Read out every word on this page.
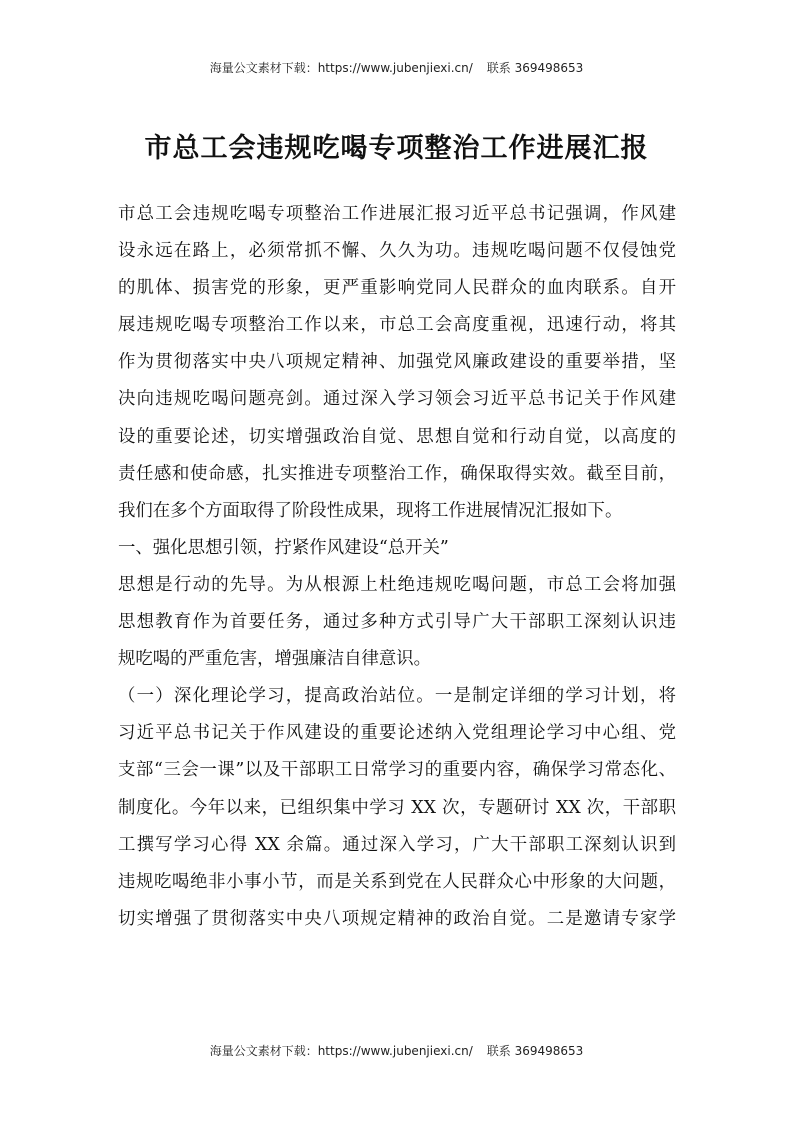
海量公文素材下载：https://www.jubenjiexi.cn/ 联系 369498653
市总工会违规吃喝专项整治工作进展汇报
市总工会违规吃喝专项整治工作进展汇报习近平总书记强调，作风建
设永远在路上，必须常抓不懈、久久为功。违规吃喝问题不仅侵蚀党
的肌体、损害党的形象，更严重影响党同人民群众的血肉联系。自开
展违规吃喝专项整治工作以来，市总工会高度重视，迅速行动，将其
作为贯彻落实中央八项规定精神、加强党风廉政建设的重要举措，坚
决向违规吃喝问题亮剑。通过深入学习领会习近平总书记关于作风建
设的重要论述，切实增强政治自觉、思想自觉和行动自觉，以高度的
责任感和使命感，扎实推进专项整治工作，确保取得实效。截至目前，
我们在多个方面取得了阶段性成果，现将工作进展情况汇报如下。
一、强化思想引领，拧紧作风建设“总开关”
思想是行动的先导。为从根源上杜绝违规吃喝问题，市总工会将加强
思想教育作为首要任务，通过多种方式引导广大干部职工深刻认识违
规吃喝的严重危害，增强廉洁自律意识。
（一）深化理论学习，提高政治站位。一是制定详细的学习计划，将
习近平总书记关于作风建设的重要论述纳入党组理论学习中心组、党
支部“三会一课”以及干部职工日常学习的重要内容，确保学习常态化、
制度化。今年以来，已组织集中学习 XX 次，专题研讨 XX 次，干部职
工撰写学习心得 XX 余篇。通过深入学习，广大干部职工深刻认识到
违规吃喝绝非小事小节，而是关系到党在人民群众心中形象的大问题，
切实增强了贯彻落实中央八项规定精神的政治自觉。二是邀请专家学
海量公文素材下载：https://www.jubenjiexi.cn/ 联系 369498653
